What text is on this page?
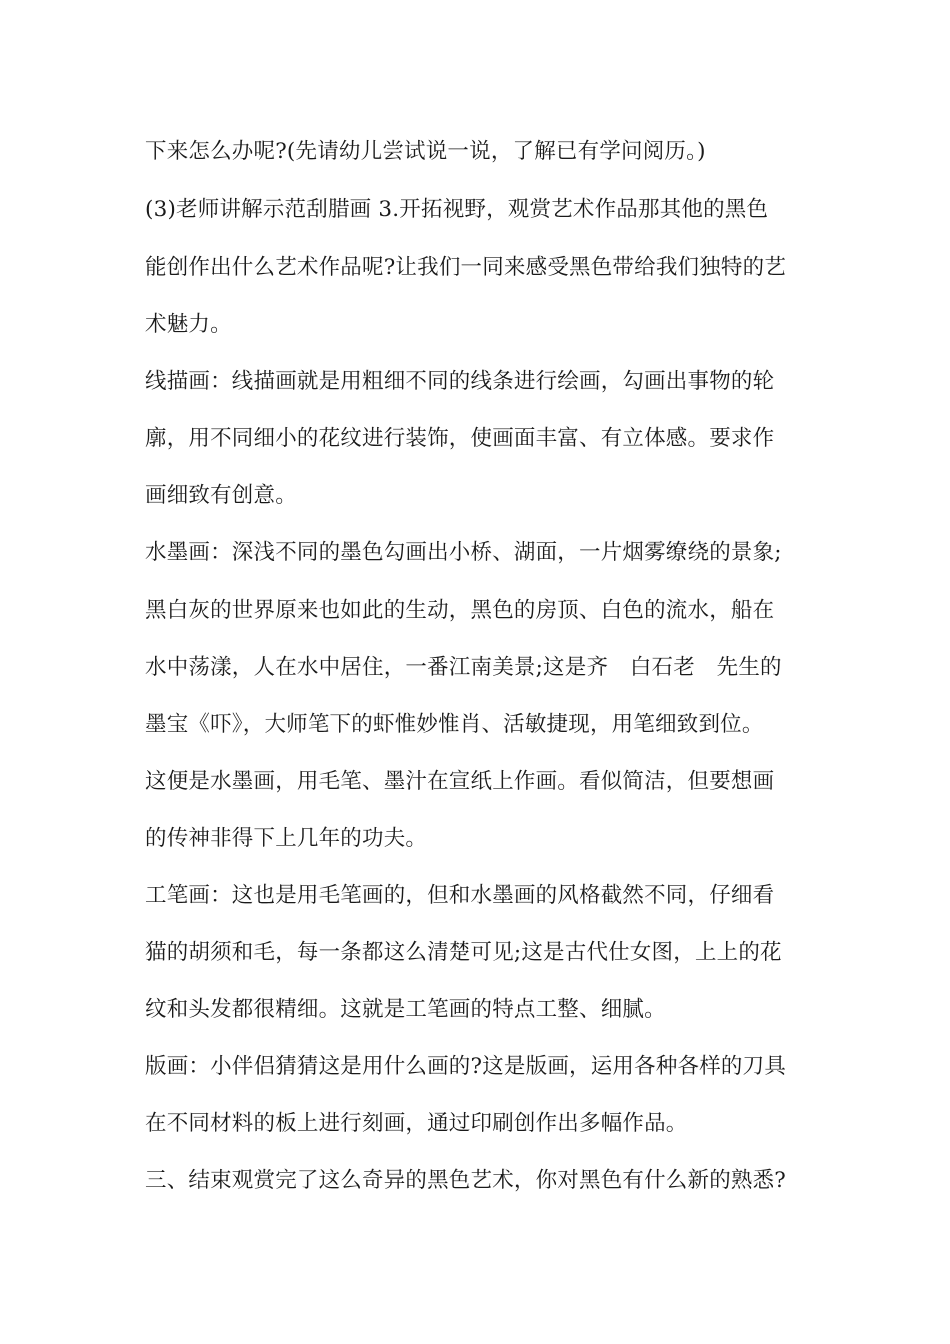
下来怎么办呢?(先请幼儿尝试说一说，了解已有学问阅历。)

(3)老师讲解示范刮腊画 3.开拓视野，观赏艺术作品那其他的黑色

能创作出什么艺术作品呢?让我们一同来感受黑色带给我们独特的艺

术魅力。

线描画：线描画就是用粗细不同的线条进行绘画，勾画出事物的轮

廓，用不同细小的花纹进行装饰，使画面丰富、有立体感。要求作

画细致有创意。

水墨画：深浅不同的墨色勾画出小桥、湖面，一片烟雾缭绕的景象;

黑白灰的世界原来也如此的生动，黑色的房顶、白色的流水，船在

水中荡漾，人在水中居住，一番江南美景;这是齐　白石老　先生的

墨宝《吓》，大师笔下的虾惟妙惟肖、活敏捷现，用笔细致到位。

这便是水墨画，用毛笔、墨汁在宣纸上作画。看似简洁，但要想画

的传神非得下上几年的功夫。

工笔画：这也是用毛笔画的，但和水墨画的风格截然不同，仔细看

猫的胡须和毛，每一条都这么清楚可见;这是古代仕女图，上上的花

纹和头发都很精细。这就是工笔画的特点工整、细腻。

版画：小伴侣猜猜这是用什么画的?这是版画，运用各种各样的刀具

在不同材料的板上进行刻画，通过印刷创作出多幅作品。

三、结束观赏完了这么奇异的黑色艺术，你对黑色有什么新的熟悉?
